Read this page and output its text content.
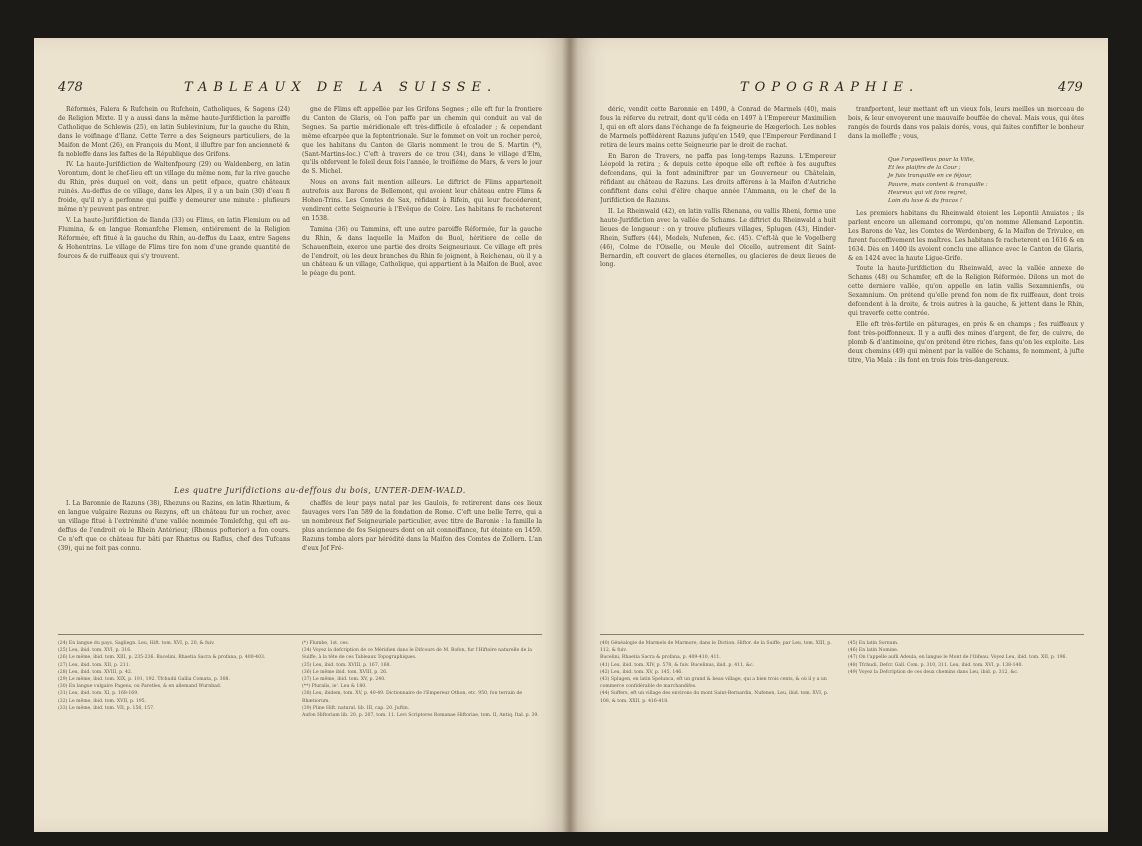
478	TABLEAUX DE LA SUISSE.

Réformés, Falera & Rufchein ou Rufchein, Catholiques, & Sagens (24) de Religion Mixte. Il y a aussi dans la même haute-Jurifdiction la paroiffe Catholique de Schlewis (25), en latin Sublevinium, fur la gauche du Rhin, dans le voifinage d'Ilanz. Cette Terre a des Seigneurs particuliers, de la Maifon de Mont (26), en François du Mont, il illuftre par fon ancienneté & fa nobleffe dans les faftes de la République des Grifons.

IV. La haute-Jurifdiction de Waltenfpourg (29) ou Waldenberg, en latin Vorontum, dont le chef-lieu eft un village du même nom, fur la rive gauche du Rhin, près duquel on voit, dans un petit efpace, quatre châteaux ruinés. Au-deffus de ce village, dans les Alpes, il y a un bain (30) d'eau fi froide, qu'il n'y a perfonne qui puiffe y demeurer une minute : plufieurs même n'y peuvent pas entrer.

V. La haute-Jurifdiction de Ilanda (33) ou Flims, en latin Flemium ou ad Flumina, & en langue Romanfche Flemen, entiérement de la Religion Réformée, eft fitué à la gauche du Rhin, au-deffus du Laax, entre Sagens & Hohentrins. Le village de Flims tire fon nom d'une grande quantité de fources & de ruiffeaux qui s'y trouvent.

gne de Flims eft appellée par les Grifons Segnes ; elle eft fur la frontiere du Canton de Glaris, où l'on paffe par un chemin qui conduit au val de Segnes. Sa partie méridionale eft très-difficile à efcalader ; & cependant même efcarpée que la feptentrionale. Sur le fommet on voit un rocher percé, que les habitans du Canton de Glaris nomment le trou de S. Martin (*), (Sant-Martins-loc.) C'eft à travers de ce trou (34), dans le village d'Elm, qu'ils obfervent le foleil deux fois l'année, le troifiéme de Mars, & vers le jour de S. Michel.

Nous en avons fait mention ailleurs. Le diftrict de Flims appartenoit autrefois aux Barons de Bellemont, qui avoient leur château entre Flims & Hohen-Trins. Les Comtes de Sax, réfidant à Rifein, qui leur fuccéderent, vendirent cette Seigneurie à l'Evêque de Coire. Les habitans fe racheterent en 1538.

Tamina (36) ou Tammins, eft une autre paroiffe Réformée, fur la gauche du Rhin, & dans laquelle la Maifon de Buol, héritiere de celle de Schauenftein, exerce une partie des droits Seigneuriaux. Ce village eft près de l'endroit, où les deux branches du Rhin fe joignent, à Reichenau, où il y a un château & un village, Catholique, qui appartient à la Maifon de Buol, avec le péage du pont.

Les quatre Jurifdictions au-deffous du bois, UNTER-DEM-WALD.

I. La Baronnie de Razuns (38), Rhezuns ou Razins, en latin Rhætium, & en langue vulgaire Rezuns ou Rezyns, eft un château fur un rocher, avec un village fitué à l'extrémité d'une vallée nommée Tomlefchg, qui eft au-deffus de l'endroit où le Rhein Antérieur, (Rhenus pofterior) a fon cours. Ce n'eft que ce château fur bâti par Rhætus ou Raflus, chef des Tufcans (39), qui ne foit pas connu.

chaffés de leur pays natal par les Gaulois, fe retirerent dans ces lieux fauvages vers l'an 589 de la fondation de Rome. C'eft une belle Terre, qui a un nombreux fief Seigneuriale particulier, avec titre de Baronie : la famille la plus ancienne de fes Seigneurs dont on ait connoiffance, fut éteinte en 1459. Razuns tomba alors par hérédité dans la Maifon des Comtes de Zollern. L'an d'eux Jof Fré-

(24) En langue du pays, Sagliegn. Leu, Hift. tom. XVI, p. 20, & fuiv.
(25) Leu, ibid. tom. XVI, p. 316.
(26) Le même, ibid. tom. XIII, p. 235-236. Bucelini, Rhaetia Sacra & profana, p. 400-403.
(27) Leu, ibid. tom. XII, p. 211.
(28) Leu, ibid. tom. XVIII, p. 42.
(29) Le même, ibid. tom. XIX, p. 191, 192. Tfchudii Gallia Comata, p. 308.
(30) En langue vulgaire Pagens, ou Paretles, & en allemand Wurnbad.
(31) Leu, ibid. tom. XI, p. 168-169.
(32) Le même, ibid. tom. XVII, p. 195.
(33) Le même, ibid. tom. VII, p. 156, 157.
(*) Flumbe, 1st. ces.
(34) Voyez la defcription de ce Méridien dans le Difcours de M. Bofon, fur l'Hiftoire naturelle de la Suiffe, à la tête de ces Tableaux Topographiques.
(35) Leu, ibid. tom. XVIII, p. 167, 168.
(36) Le même ibid. tom. XVIII, p. 26.
(37) Le même, ibid. tom. XV, p. 240.
(**) Pluralis, ie'. Leu & 180.
(38) Leu, ibidem, tom. XV, p. 40-49. Dictionnaire de l'Empereur Othon, etc. 950, fon terrain de Rhætiorum.
(39) Pline Hift. natural. lib. III, cap. 20. Juftin.
Aufon Hiftoriam lib. 20, p. 207, tom. 11. Levi Scriptores Romanae Hiftoriae, tom. II, Antiq. Ital. p. 39.
TOPOGRAPHIE.	479

déric, vendit cette Baronnie en 1490, à Conrad de Marmels (40), mais fous la réferve du retrait, dont qu'il céda en 1497 à l'Empereur Maximilien I, qui en eft alors dans l'échange de fa feigneurie de Hægerloch. Les nobles de Marmels poffédèrent Razuns jufqu'en 1549, que l'Empereur Ferdinand I retira de leurs mains cette Seigneurie par le droit de rachat.

En Baron de Travers, ne paffa pas long-temps Razuns. L'Empereur Léopold la retira ; & depuis cette époque elle eft reftée à fes auguftes defcendans, qui la font adminiftrer par un Gouverneur ou Châtelain, réfidant au château de Razuns. Les droits afférens à la Maifon d'Autriche confiftent dans celui d'élire chaque année l'Ammann, ou le chef de la Jurifdiction de Razuns.

II. Le Rheinwald (42), en latin vallis Rhenana, ou vallis Rheni, forme une haute-Jurifdiction avec la vallée de Schams. Le diftrict du Rheinwald a huit lieues de longueur : on y trouve plufieurs villages, Splugen (43), Hinder-Rhein, Suffers (44), Medels, Nufenen, &c. (45). C'eft-là que le Vogelberg (46), Colme de l'Oiselle, ou Meule del Oïcello, autrement dit Saint-Bernardin, eft couvert de glaces éternelles, ou glacieres de deux lieues de long.

tranfportent, leur mettant eft un vieux fols, leurs meilles un morceau de bois, & leur envoyerent une mauvaife bouffée de cheval. Mais vous, qui êtes rangés de fourds dans vos palais dorés, vous, qui faites confifter le bonheur dans la molleffe ; vous,

Que l'orgueilleux pour la Ville,
Et les plaifirs de la Cour ;
Je fuis tranquille en ce féjour,
Pauvre, mais content & tranquille :
Heureux qui vit fans regret,
Loin du luxe & du fracas !

Les premiers habitans du Rheinwald étoient les Lepontii Anuiates ; ils parlent encore un allemand corrompu, qu'on nomme Allemand Lepontin. Les Barons de Vaz, les Comtes de Werdenberg, & la Maifon de Trivulce, en furent fucceffivement les maîtres. Les habitans fe racheterent en 1616 & en 1634. Dès en 1400 ils avoient conclu une alliance avec le Canton de Glaris, & en 1424 avec la haute Ligue-Grife.

Toute la haute-Jurifdiction du Rheinwald, avec la vallée annexe de Schams (48) ou Schamfer, eft de la Religion Réformée. Dilons un mot de cette derniere vallée, qu'on appelle en latin vallis Sexamnienfis, ou Sexamnium. On prétend qu'elle prend fon nom de fix ruiffeaux, dont trois defcendent à la droite, & trois autres à la gauche, & jettent dans le Rhin, qui traverfe cette contrée.

Elle eft très-fertile en pâturages, en prés & en champs ; fes ruiffeaux y font très-poiffonneux. Il y a aufli des mines d'argent, de fer, de cuivre, de plomb & d'antimoine, qu'on prétend être riches, fans qu'on les exploite. Les deux chemins (49) qui mènent par la vallée de Schams, fe nomment, à jufte titre, Via Mala : ils font en trois fois très-dangereux.

(40) Généalogie de Marmels de Marmore, dans le Diction. Hiftor. de la Suiffe, par Leu, tom. XIII, p. 112, & fuiv.
Bucelini, Rhaetia Sacra & profana, p. 409-410, 411.
(41) Leu, ibid. tom. XIV, p. 578, & fuiv. Bucelinus, ibid. p. 411, &c.
(42) Leu, ibid. tom. XV, p. 145, 146.
(43) Splugen, en latin Spelunca, eft un grand & beau village, qui a bien trois cents, & où il y a un commerce confidérable de marchandifes.
(44) Suffers, eft un village des environs du mont Saint-Bernardin, Nufenen, Leu, ibid. tom. XVI, p. 108, & tom. XXII, p. 416-418.
(45) En latin Sornum.
(46) En latin Nomine.
(47) On l'appelle aufli Adeula, en langue le Mont de l'Oifeau. Voyez Leu, ibid. tom. XII, p. 196.
(48) Tfchudi, Defcr. Gall. Com. p. 310, 311. Leu, ibid. tom. XVI, p. 138-140.
(49) Voyez la Defcription de ces deux chemins dans Leu, ibid. p. 312, &c.
